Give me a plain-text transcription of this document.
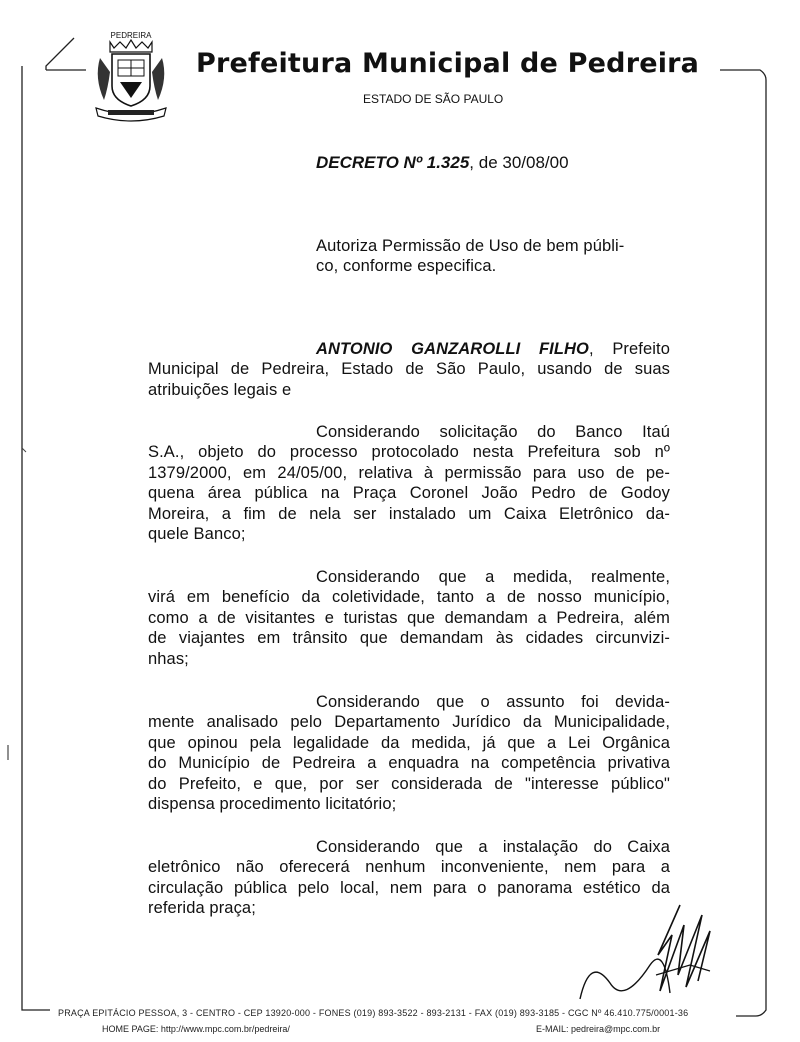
PEDREIRA
Prefeitura Municipal de Pedreira
ESTADO DE SÃO PAULO
DECRETO Nº 1.325, de 30/08/00
Autoriza Permissão de Uso de bem públi-
co, conforme especifica.
ANTONIO GANZAROLLI FILHO, Prefeito
Municipal de Pedreira, Estado de São Paulo, usando de suas
atribuições legais e
Considerando solicitação do Banco Itaú
S.A., objeto do processo protocolado nesta Prefeitura sob nº
1379/2000, em 24/05/00, relativa à permissão para uso de pe-
quena área pública na Praça Coronel João Pedro de Godoy
Moreira, a fim de nela ser instalado um Caixa Eletrônico da-
quele Banco;
Considerando que a medida, realmente,
virá em benefício da coletividade, tanto a de nosso município,
como a de visitantes e turistas que demandam a Pedreira, além
de viajantes em trânsito que demandam às cidades circunvizi-
nhas;
Considerando que o assunto foi devida-
mente analisado pelo Departamento Jurídico da Municipalidade,
que opinou pela legalidade da medida, já que a Lei Orgânica
do Município de Pedreira a enquadra na competência privativa
do Prefeito, e que, por ser considerada de "interesse público"
dispensa procedimento licitatório;
Considerando que a instalação do Caixa
eletrônico não oferecerá nenhum inconveniente, nem para a
circulação pública pelo local, nem para o panorama estético da
referida praça;
PRAÇA EPITÁCIO PESSOA, 3 - CENTRO - CEP 13920-000 - FONES (019) 893-3522 - 893-2131 - FAX (019) 893-3185 - CGC Nº 46.410.775/0001-36
HOME PAGE: http://www.mpc.com.br/pedreira/	E-MAIL: pedreira@mpc.com.br
